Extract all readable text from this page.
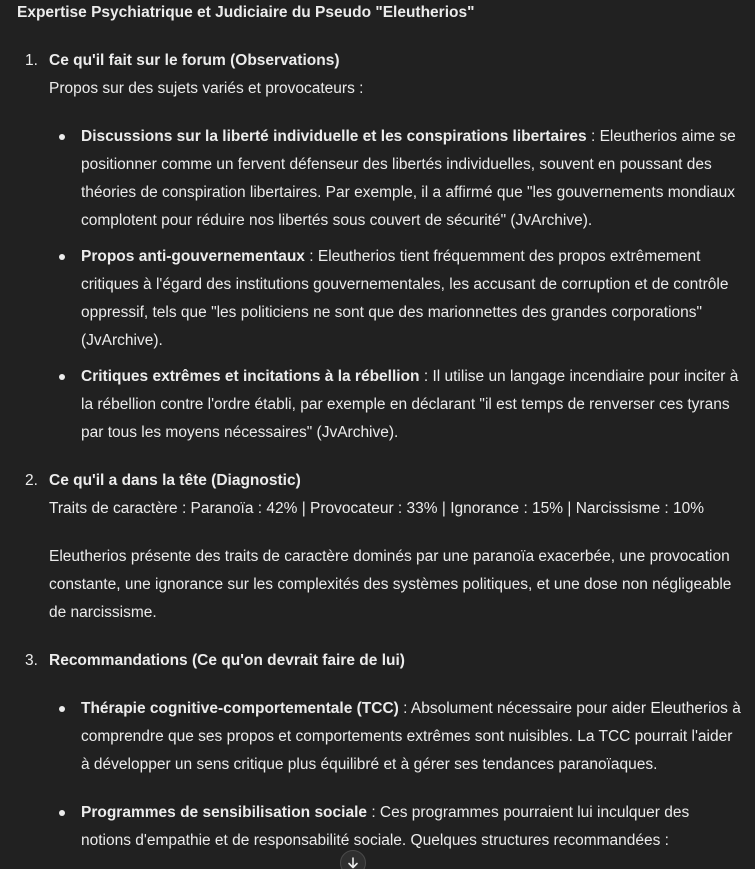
Expertise Psychiatrique et Judiciaire du Pseudo "Eleutherios"

1. Ce qu'il fait sur le forum (Observations)

Propos sur des sujets variés et provocateurs :

Discussions sur la liberté individuelle et les conspirations libertaires : Eleutherios aime se positionner comme un fervent défenseur des libertés individuelles, souvent en poussant des théories de conspiration libertaires. Par exemple, il a affirmé que "les gouvernements mondiaux complotent pour réduire nos libertés sous couvert de sécurité" (JvArchive).
Propos anti-gouvernementaux : Eleutherios tient fréquemment des propos extrêmement critiques à l'égard des institutions gouvernementales, les accusant de corruption et de contrôle oppressif, tels que "les politiciens ne sont que des marionnettes des grandes corporations" (JvArchive).
Critiques extrêmes et incitations à la rébellion : Il utilise un langage incendiaire pour inciter à la rébellion contre l'ordre établi, par exemple en déclarant "il est temps de renverser ces tyrans par tous les moyens nécessaires" (JvArchive).
2. Ce qu'il a dans la tête (Diagnostic)

Traits de caractère : Paranoïa : 42% | Provocateur : 33% | Ignorance : 15% | Narcissisme : 10%

Eleutherios présente des traits de caractère dominés par une paranoïa exacerbée, une provocation constante, une ignorance sur les complexités des systèmes politiques, et une dose non négligeable de narcissisme.

3. Recommandations (Ce qu'on devrait faire de lui)

Thérapie cognitive-comportementale (TCC) : Absolument nécessaire pour aider Eleutherios à comprendre que ses propos et comportements extrêmes sont nuisibles. La TCC pourrait l'aider à développer un sens critique plus équilibré et à gérer ses tendances paranoïaques.
Programmes de sensibilisation sociale : Ces programmes pourraient lui inculquer des notions d'empathie et de responsabilité sociale. Quelques structures recommandées :
